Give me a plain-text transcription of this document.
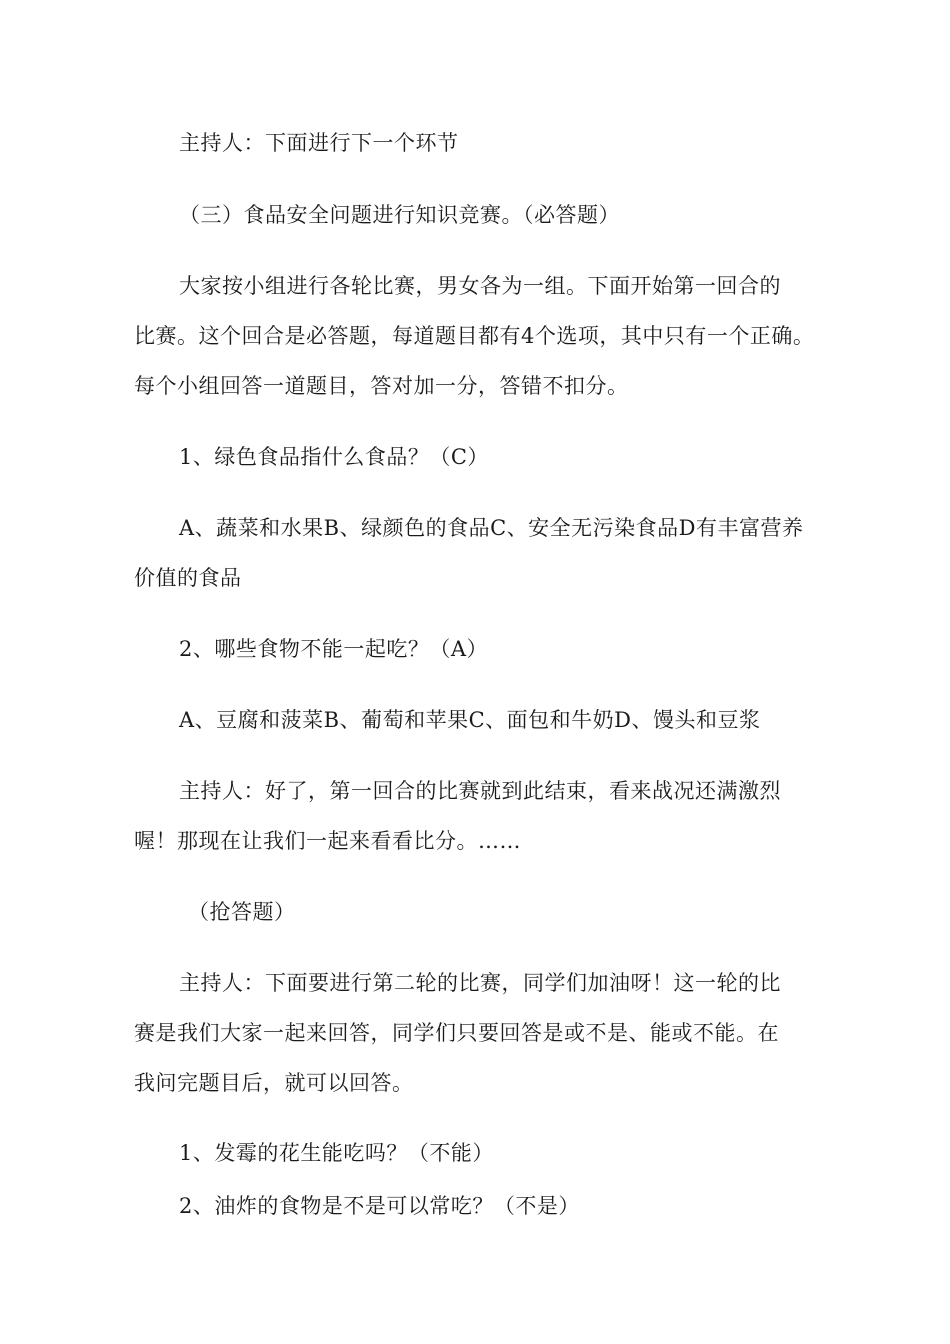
主持人：下面进行下一个环节
（三）食品安全问题进行知识竞赛。（必答题）
大家按小组进行各轮比赛，男女各为一组。下面开始第一回合的
比赛。这个回合是必答题，每道题目都有4个选项，其中只有一个正确。
每个小组回答一道题目，答对加一分，答错不扣分。
1、绿色食品指什么食品？（C）
A、蔬菜和水果B、绿颜色的食品C、安全无污染食品D有丰富营养
价值的食品
2、哪些食物不能一起吃？（A）
A、豆腐和菠菜B、葡萄和苹果C、面包和牛奶D、馒头和豆浆
主持人：好了，第一回合的比赛就到此结束，看来战况还满激烈
喔！那现在让我们一起来看看比分。……
（抢答题）
主持人：下面要进行第二轮的比赛，同学们加油呀！这一轮的比
赛是我们大家一起来回答，同学们只要回答是或不是、能或不能。在
我问完题目后，就可以回答。
1、发霉的花生能吃吗？（不能）
2、油炸的食物是不是可以常吃？（不是）
